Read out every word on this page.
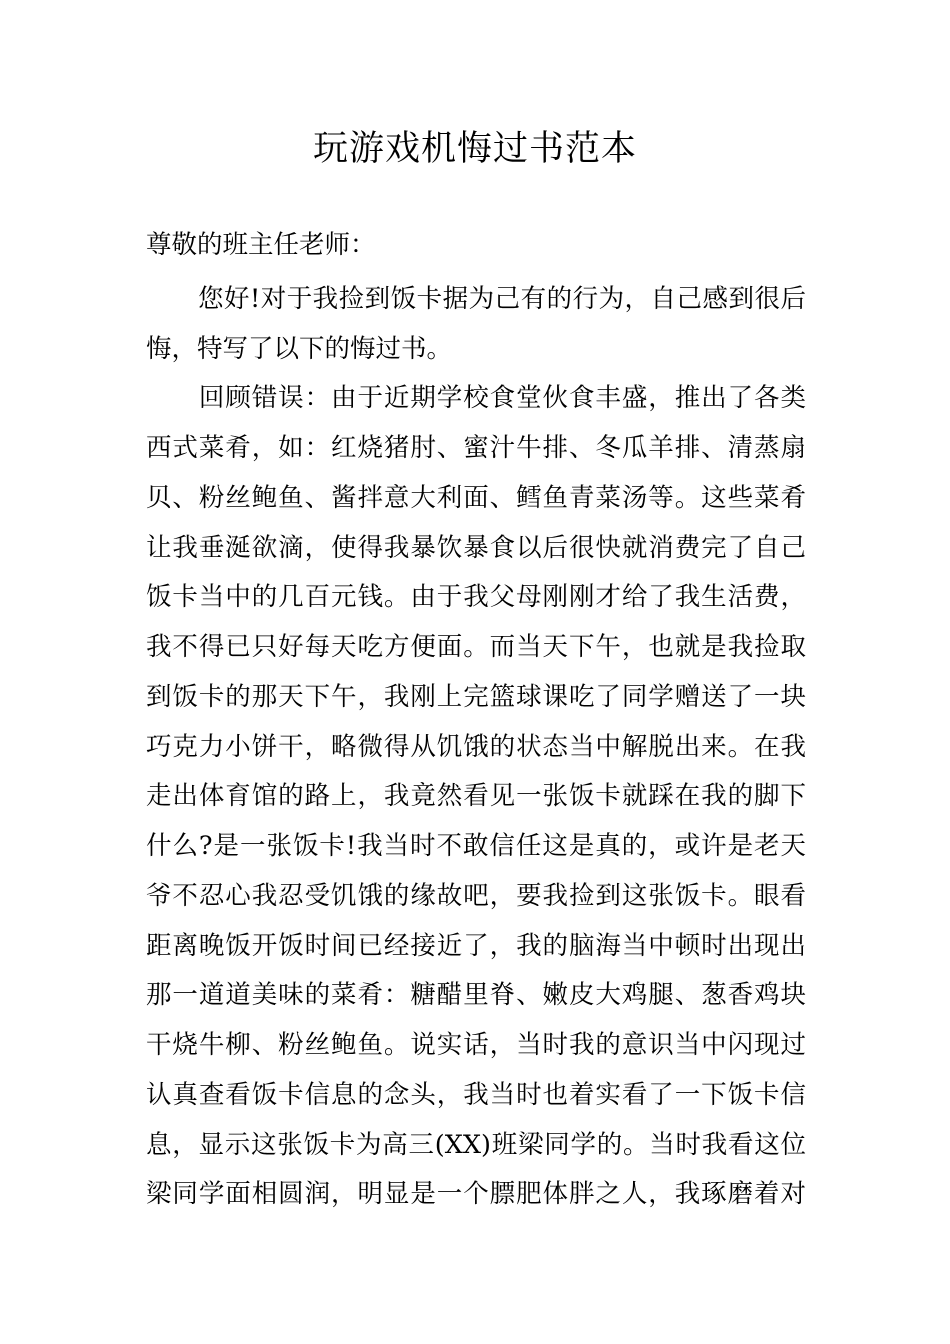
玩游戏机悔过书范本
尊敬的班主任老师：
　　您好!对于我捡到饭卡据为己有的行为，自己感到很后
悔，特写了以下的悔过书。
　　回顾错误：由于近期学校食堂伙食丰盛，推出了各类
西式菜肴，如：红烧猪肘、蜜汁牛排、冬瓜羊排、清蒸扇
贝、粉丝鲍鱼、酱拌意大利面、鳕鱼青菜汤等。这些菜肴
让我垂涎欲滴，使得我暴饮暴食以后很快就消费完了自己
饭卡当中的几百元钱。由于我父母刚刚才给了我生活费，
我不得已只好每天吃方便面。而当天下午，也就是我捡取
到饭卡的那天下午，我刚上完篮球课吃了同学赠送了一块
巧克力小饼干，略微得从饥饿的状态当中解脱出来。在我
走出体育馆的路上，我竟然看见一张饭卡就踩在我的脚下
什么?是一张饭卡!我当时不敢信任这是真的，或许是老天
爷不忍心我忍受饥饿的缘故吧，要我捡到这张饭卡。眼看
距离晚饭开饭时间已经接近了，我的脑海当中顿时出现出
那一道道美味的菜肴：糖醋里脊、嫩皮大鸡腿、葱香鸡块
干烧牛柳、粉丝鲍鱼。说实话，当时我的意识当中闪现过
认真查看饭卡信息的念头，我当时也着实看了一下饭卡信
息，显示这张饭卡为高三(XX)班梁同学的。当时我看这位
梁同学面相圆润，明显是一个膘肥体胖之人，我琢磨着对
